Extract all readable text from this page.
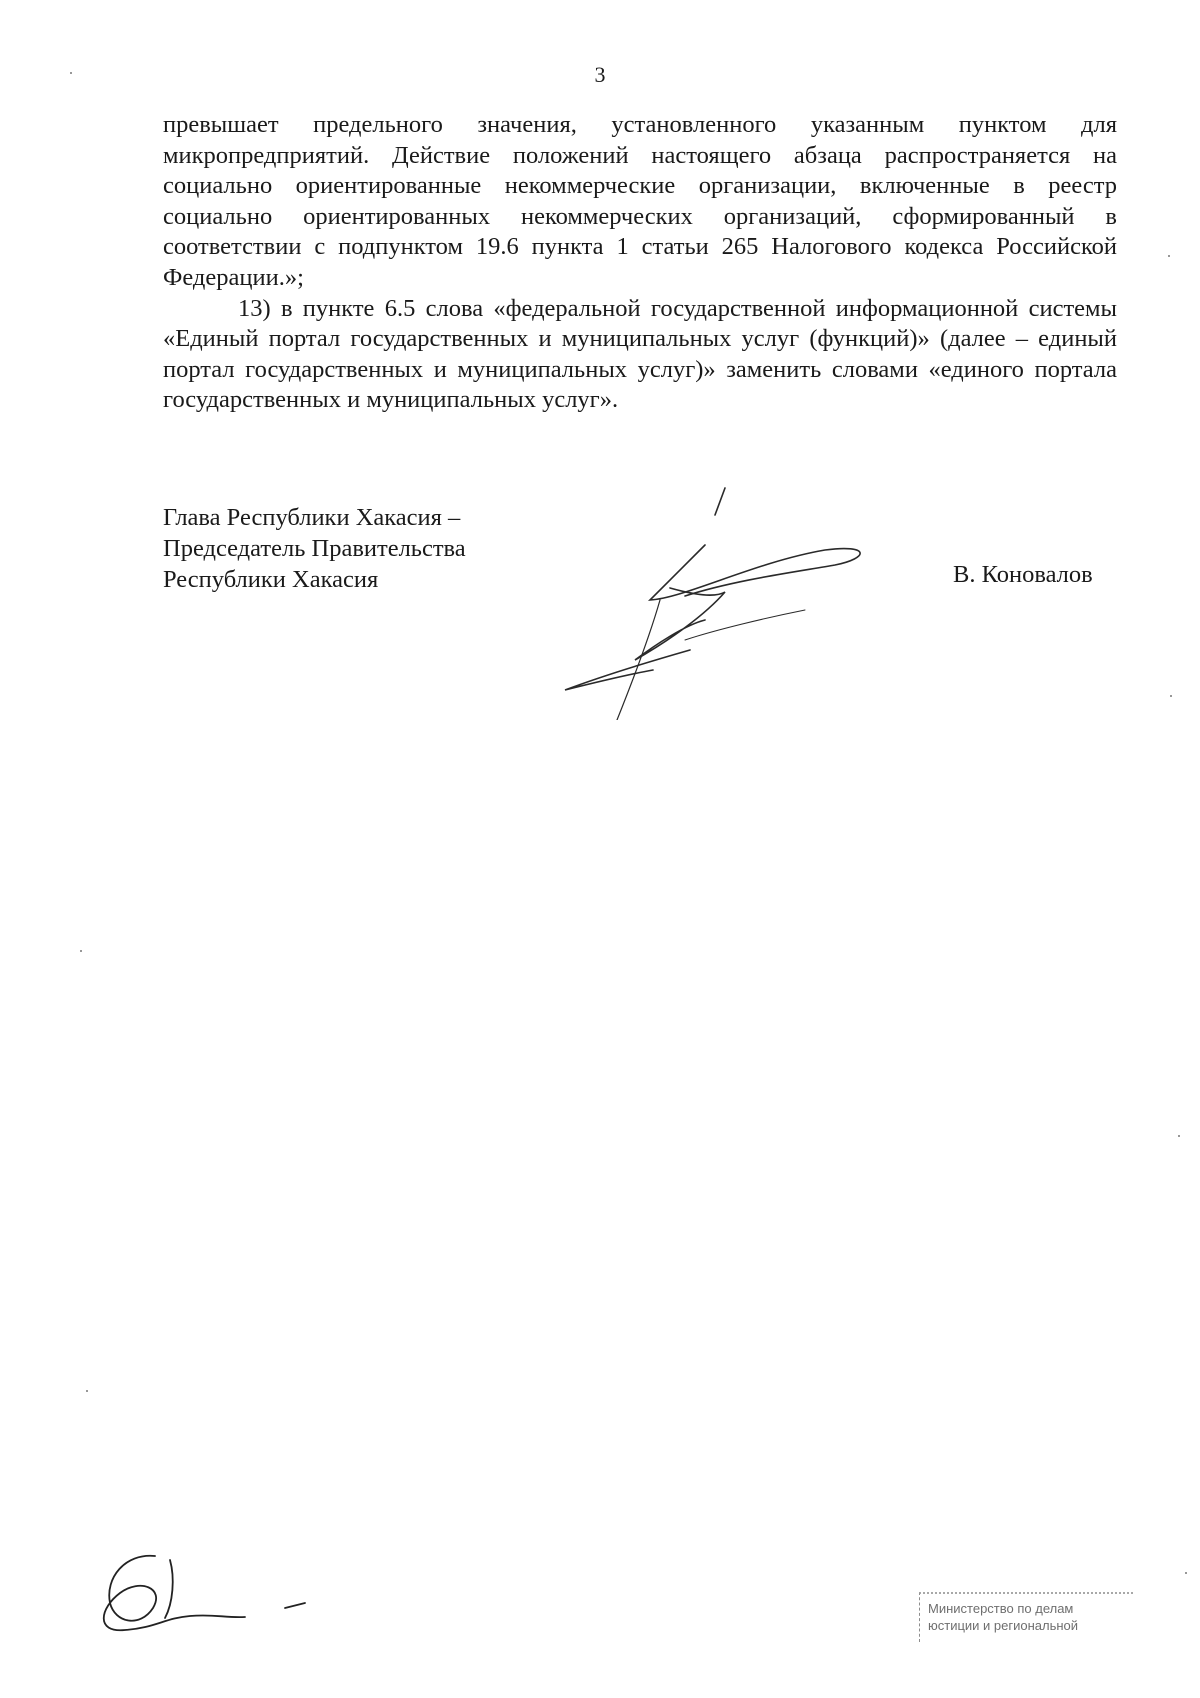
3

превышает предельного значения, установленного указанным пунктом для микропредприятий. Действие положений настоящего абзаца распространяется на социально ориентированные некоммерческие организации, включенные в реестр социально ориентированных некоммерческих организаций, сформированный в соответствии с подпунктом 19.6 пункта 1 статьи 265 Налогового кодекса Российской Федерации.»;

13) в пункте 6.5 слова «федеральной государственной информационной системы «Единый портал государственных и муниципальных услуг (функций)» (далее – единый портал государственных и муниципальных услуг)» заменить словами «единого портала государственных и муниципальных услуг».

Глава Республики Хакасия –
Председатель Правительства
Республики Хакасия	В. Коновалов
Министерство по делам
юстиции и региональной
